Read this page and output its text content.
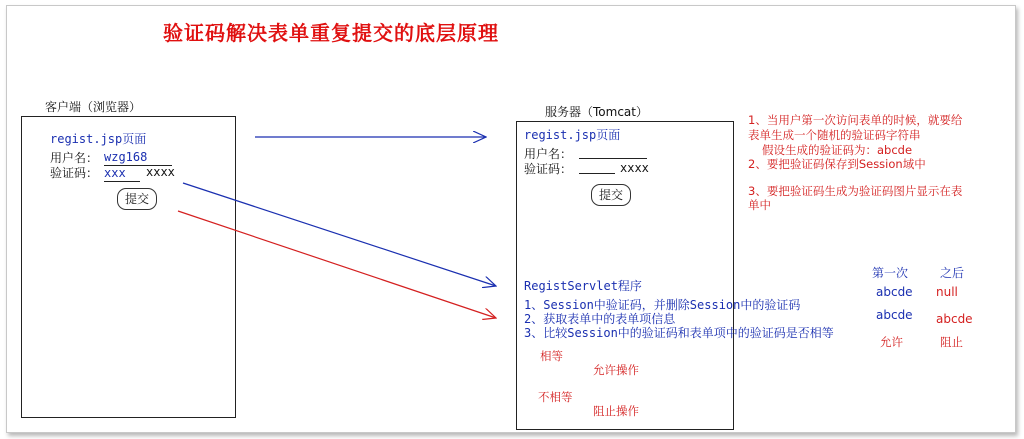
验证码解决表单重复提交的底层原理
客户端（浏览器）
regist.jsp页面
用户名： wzg168
验证码： xxx	xxxx
提交
服务器（Tomcat）
regist.jsp页面
用户名：
验证码：	xxxx
提交
RegistServlet程序
1、Session中验证码，并删除Session中的验证码
2、获取表单中的表单项信息
3、比较Session中的验证码和表单项中的验证码是否相等
相等
允许操作
不相等
阻止操作
1、当用户第一次访问表单的时候，就要给
表单生成一个随机的验证码字符串
假设生成的验证码为：abcde
2、要把验证码保存到Session域中
3、要把验证码生成为验证码图片显示在表
单中
第一次	之后
abcde null
abcde abcde
允许	阻止
